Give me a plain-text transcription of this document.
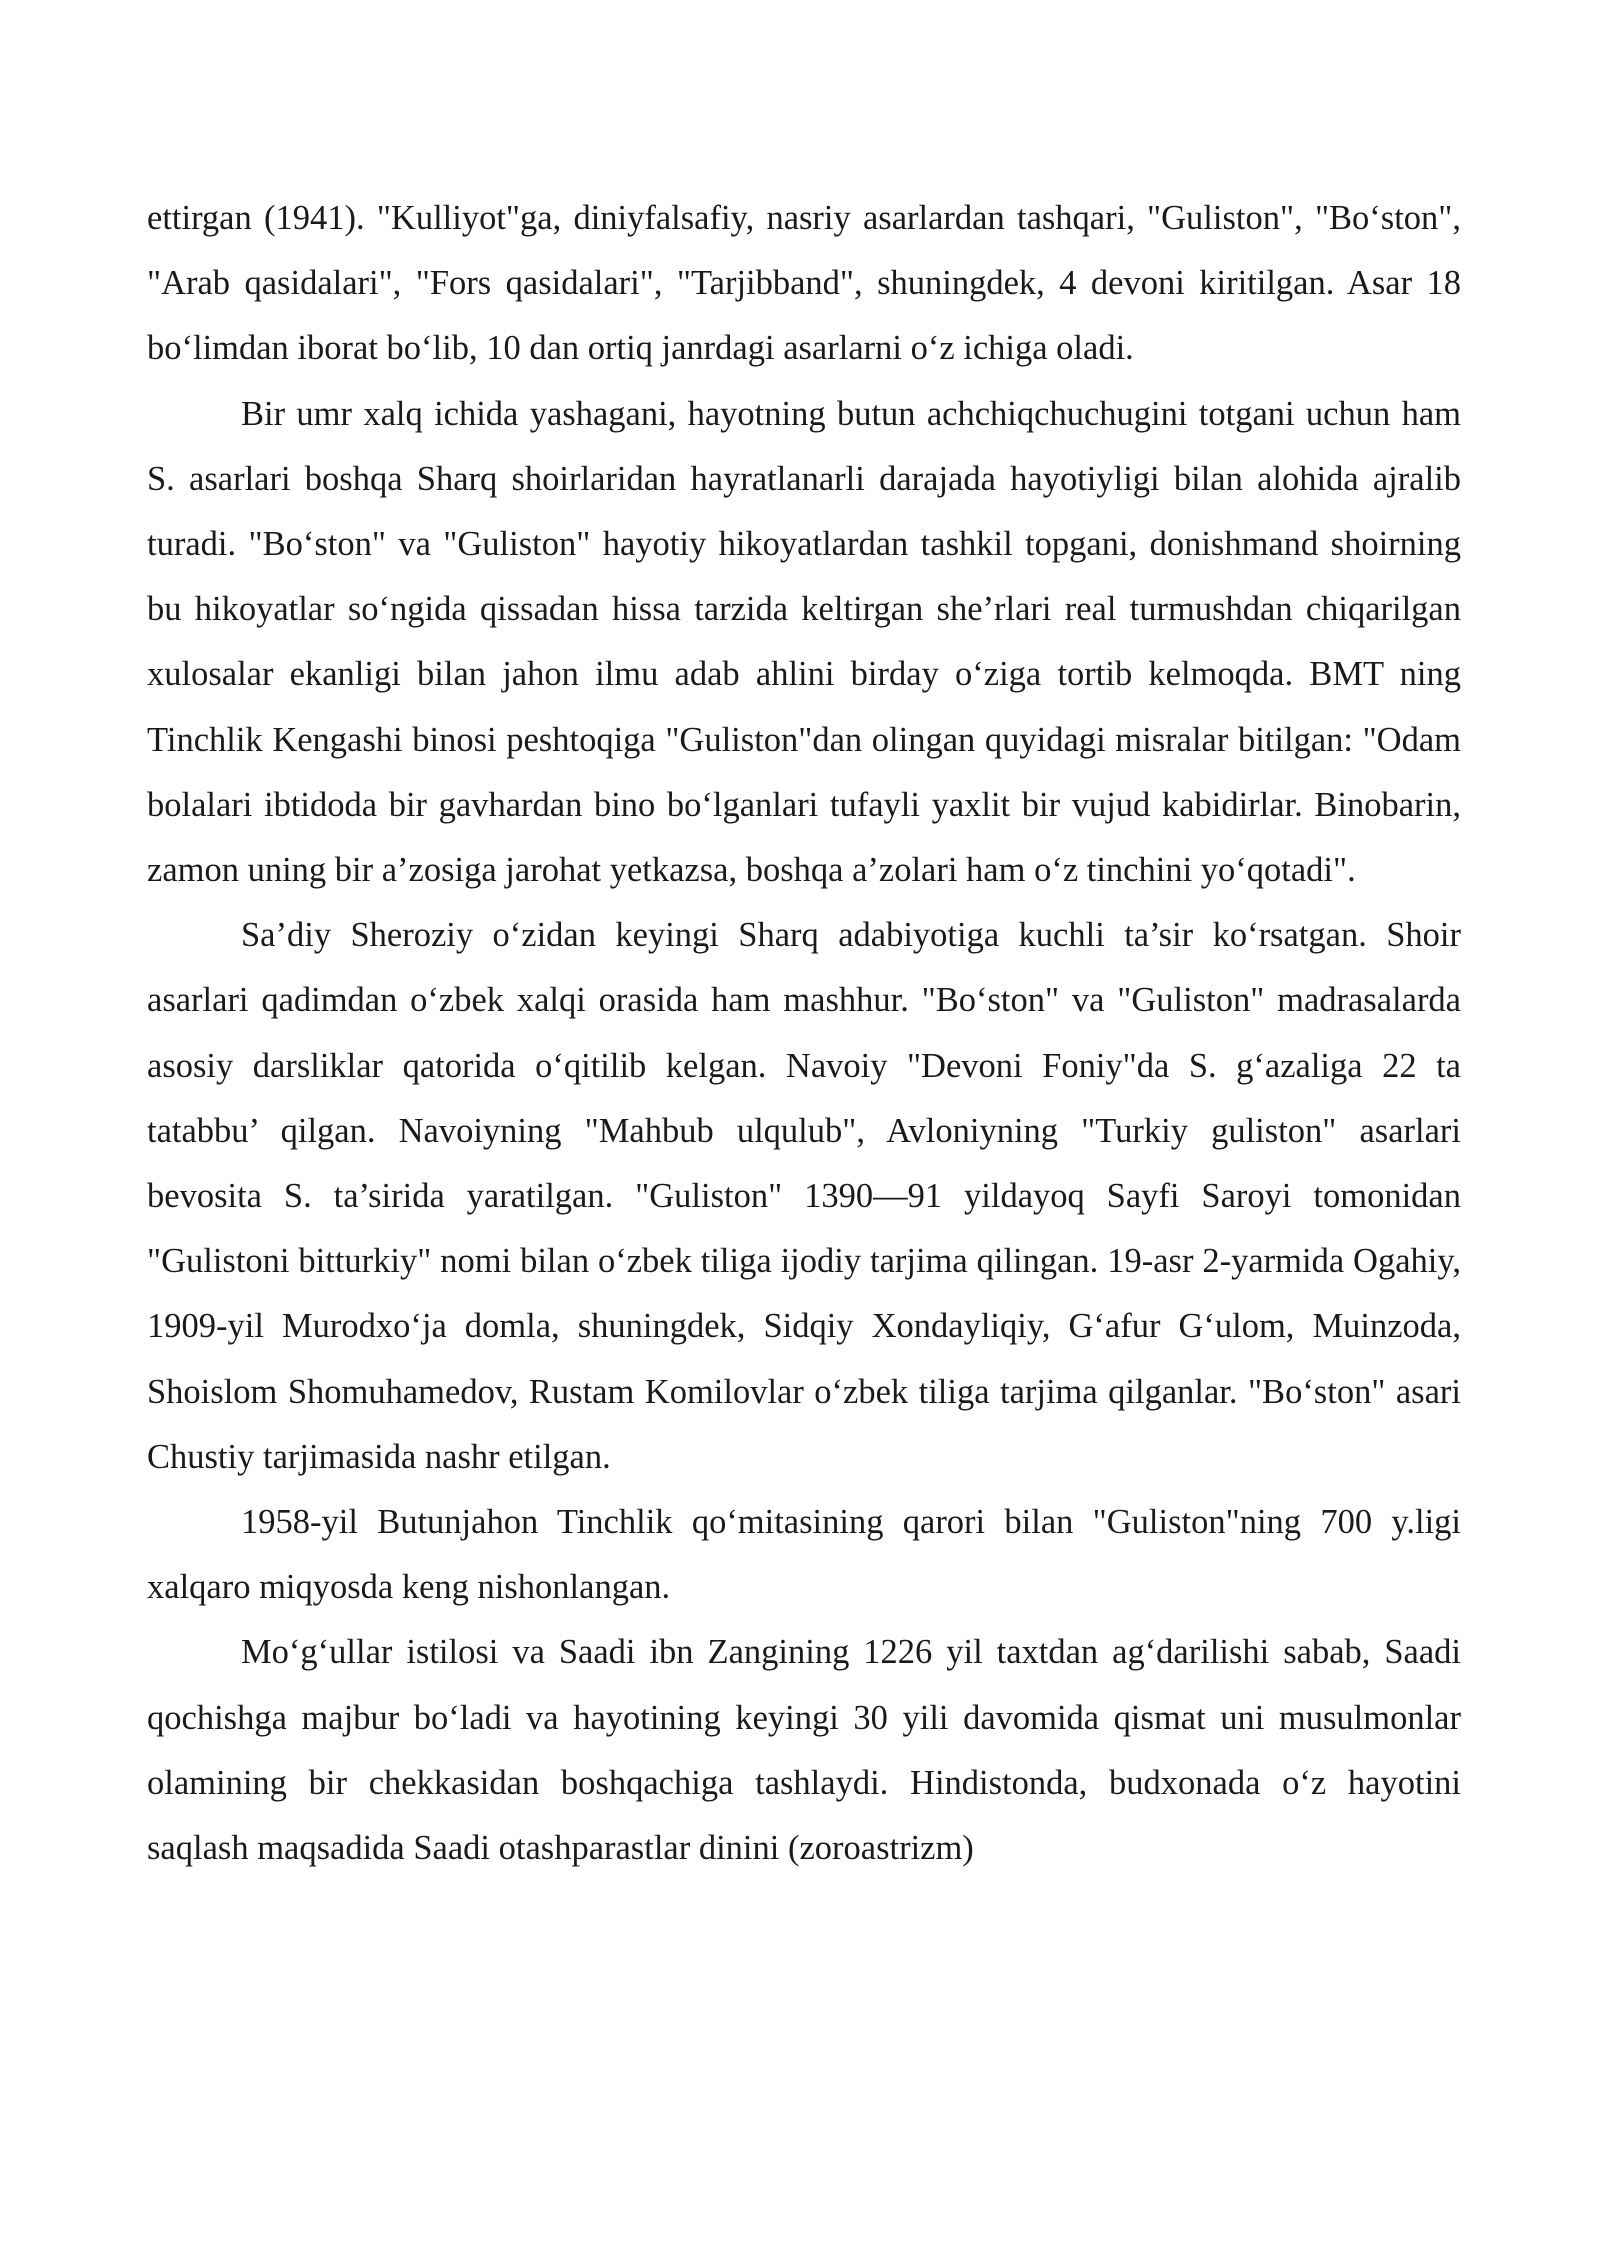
ettirgan (1941). "Kulliyot"ga, diniyfalsafiy, nasriy asarlardan tashqari, "Guliston", "Bo‘ston", "Arab qasidalari", "Fors qasidalari", "Tarjibband", shuningdek, 4 devoni kiritilgan. Asar 18 bo‘limdan iborat bo‘lib, 10 dan ortiq janrdagi asarlarni o‘z ichiga oladi.

Bir umr xalq ichida yashagani, hayotning butun achchiqchuchugini totgani uchun ham S. asarlari boshqa Sharq shoirlaridan hayratlanarli darajada hayotiyligi bilan alohida ajralib turadi. "Bo‘ston" va "Guliston" hayotiy hikoyatlardan tashkil topgani, donishmand shoirning bu hikoyatlar so‘ngida qissadan hissa tarzida keltirgan she’rlari real turmushdan chiqarilgan xulosalar ekanligi bilan jahon ilmu adab ahlini birday o‘ziga tortib kelmoqda. BMT ning Tinchlik Kengashi binosi peshtoqiga "Guliston"dan olingan quyidagi misralar bitilgan: "Odam bolalari ibtidoda bir gavhardan bino bo‘lganlari tufayli yaxlit bir vujud kabidirlar. Binobarin, zamon uning bir a’zosiga jarohat yetkazsa, boshqa a’zolari ham o‘z tinchini yo‘qotadi".

Sa’diy Sheroziy o‘zidan keyingi Sharq adabiyotiga kuchli ta’sir ko‘rsatgan. Shoir asarlari qadimdan o‘zbek xalqi orasida ham mashhur. "Bo‘ston" va "Guliston" madrasalarda asosiy darsliklar qatorida o‘qitilib kelgan. Navoiy "Devoni Foniy"da S. g‘azaliga 22 ta tatabbu’ qilgan. Navoiyning "Mahbub ulqulub", Avloniyning "Turkiy guliston" asarlari bevosita S. ta’sirida yaratilgan. "Guliston" 1390—91 yildayoq Sayfi Saroyi tomonidan "Gulistoni bitturkiy" nomi bilan o‘zbek tiliga ijodiy tarjima qilingan. 19-asr 2-yarmida Ogahiy, 1909-yil Murodxo‘ja domla, shuningdek, Sidqiy Xondayliqiy, G‘afur G‘ulom, Muinzoda, Shoislom Shomuhamedov, Rustam Komilovlar o‘zbek tiliga tarjima qilganlar. "Bo‘ston" asari Chustiy tarjimasida nashr etilgan.

1958-yil Butunjahon Tinchlik qo‘mitasining qarori bilan "Guliston"ning 700 y.ligi xalqaro miqyosda keng nishonlangan.

Mo‘g‘ullar istilosi va Saadi ibn Zangining 1226 yil taxtdan ag‘darilishi sabab, Saadi qochishga majbur bo‘ladi va hayotining keyingi 30 yili davomida qismat uni musulmonlar olamining bir chekkasidan boshqachiga tashlaydi. Hindistonda, budxonada o‘z hayotini saqlash maqsadida Saadi otashparastlar dinini (zoroastrizm)
